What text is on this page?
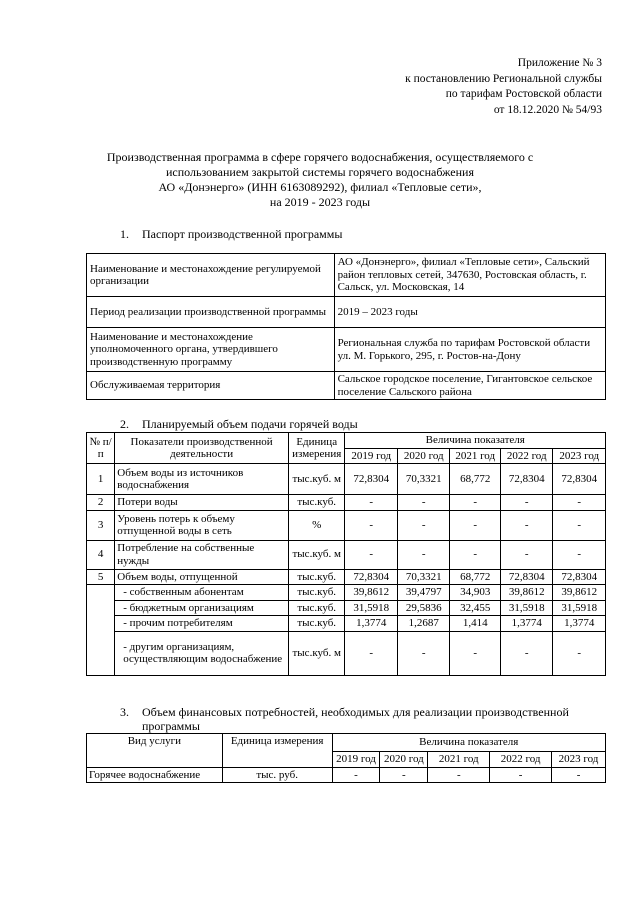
Приложение № 3
к постановлению Региональной службы
по тарифам Ростовской области
от 18.12.2020 № 54/93
Производственная программа в сфере горячего водоснабжения, осуществляемого с
использованием закрытой системы горячего водоснабжения
АО «Донэнерго» (ИНН 6163089292), филиал «Тепловые сети»,
на 2019 - 2023 годы
1. Паспорт производственной программы
Наименование и местонахождение регулируемой организации	АО «Донэнерго», филиал «Тепловые сети», Сальский район тепловых сетей, 347630, Ростовская область, г. Сальск, ул. Московская, 14
Период реализации производственной программы	2019 – 2023 годы
Наименование и местонахождение уполномоченного органа, утвердившего производственную программу	Региональная служба по тарифам Ростовской области ул. М. Горького, 295, г. Ростов-на-Дону
Обслуживаемая территория	Сальское городское поселение, Гигантовское сельское поселение Сальского района
2. Планируемый объем подачи горячей воды
№ п/п	Показатели производственной деятельности	Единица измерения	Величина показателя				
			2019 год	2020 год	2021 год	2022 год	2023 год
1	Объем воды из источников водоснабжения	тыс.куб. м	72,8304	70,3321	68,772	72,8304	72,8304
2	Потери воды	тыс.куб.	-	-	-	-	-
3	Уровень потерь к объему отпущенной воды в сеть	%	-	-	-	-	-
4	Потребление на собственные нужды	тыс.куб. м	-	-	-	-	-
5	Объем воды, отпущенной	тыс.куб.	72,8304	70,3321	68,772	72,8304	72,8304
	- собственным абонентам	тыс.куб.	39,8612	39,4797	34,903	39,8612	39,8612
	- бюджетным организациям	тыс.куб.	31,5918	29,5836	32,455	31,5918	31,5918
	- прочим потребителям	тыс.куб.	1,3774	1,2687	1,414	1,3774	1,3774
	- другим организациям, осуществляющим водоснабжение	тыс.куб. м	-	-	-	-	-
3.	Объем финансовых потребностей, необходимых для реализации производственной программы
Вид услуги	Единица измерения	Величина показателя				
		2019 год	2020 год	2021 год	2022 год	2023 год
Горячее водоснабжение	тыс. руб.	-	-	-	-	-
